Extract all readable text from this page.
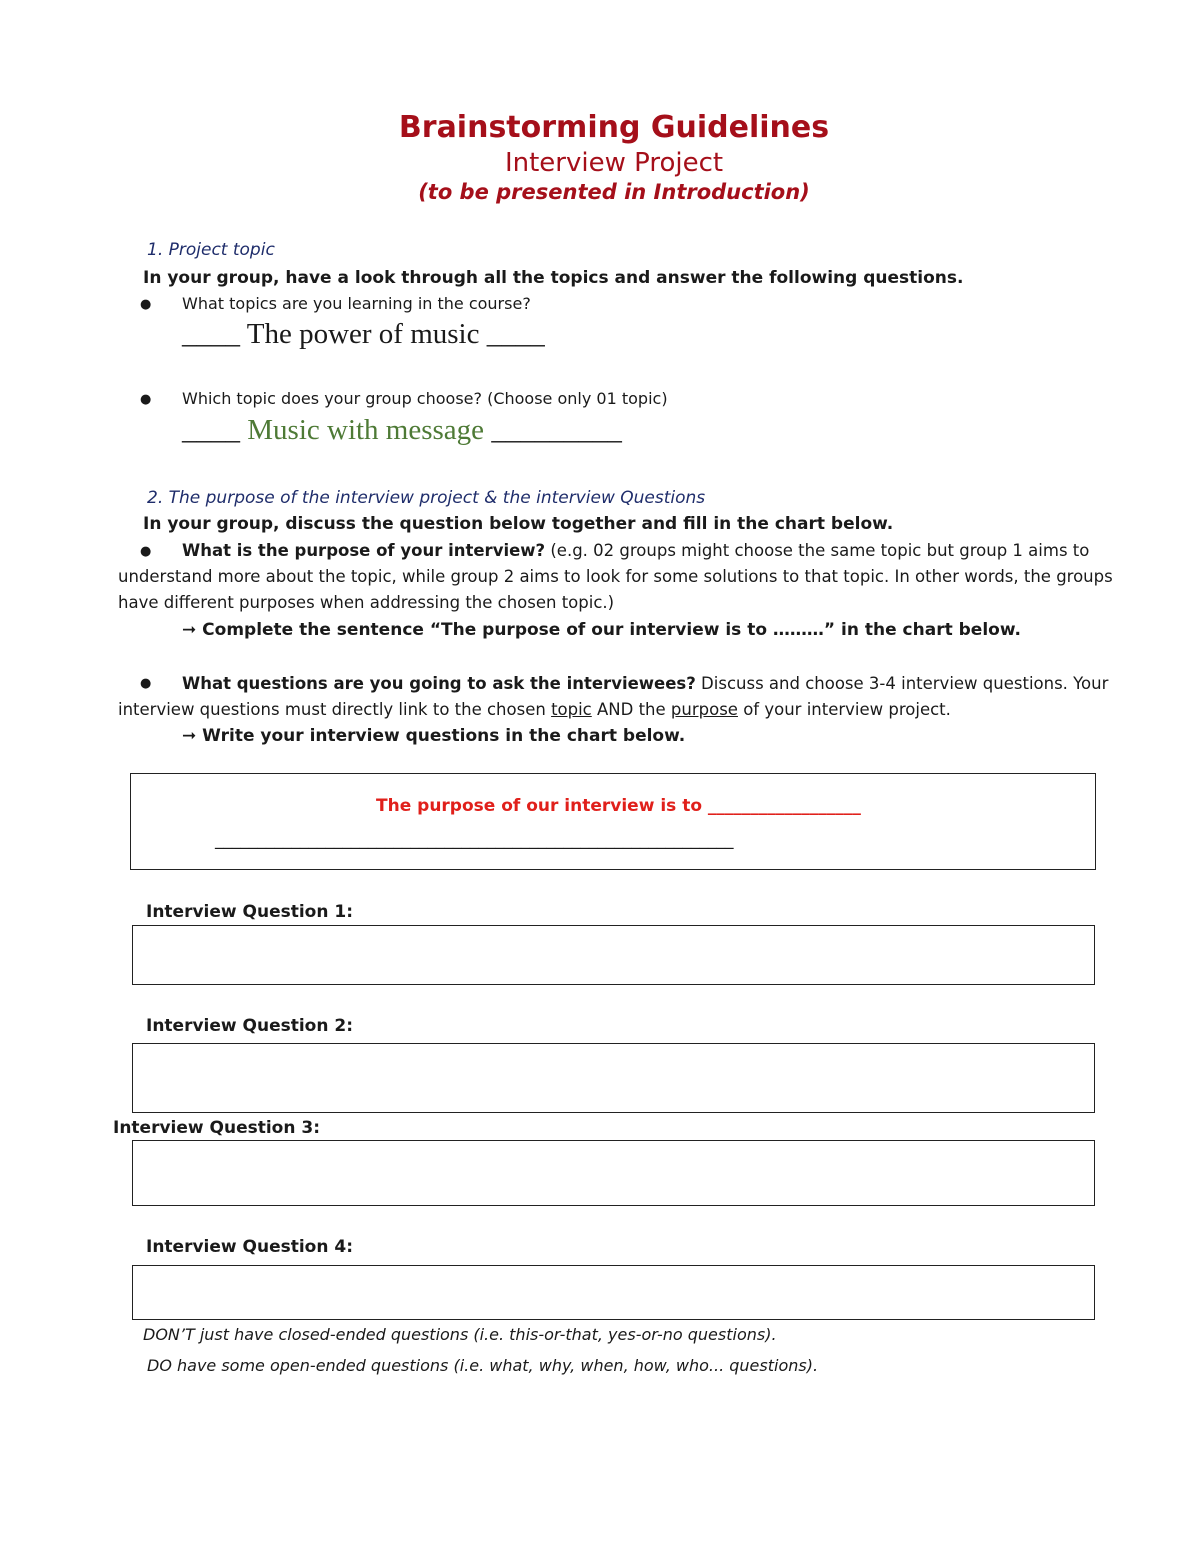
Brainstorming Guidelines
Interview Project
(to be presented in Introduction)
1. Project topic
In your group, have a look through all the topics and answer the following questions.
● What topics are you learning in the course?
____ The power of music ____
● Which topic does your group choose? (Choose only 01 topic)
____ Music with message _________
2. The purpose of the interview project & the interview Questions
In your group, discuss the question below together and fill in the chart below.
●	What is the purpose of your interview? (e.g. 02 groups might choose the same topic but group 1 aims to understand more about the topic, while group 2 aims to look for some solutions to that topic. In other words, the groups have different purposes when addressing the chosen topic.)
➞ Complete the sentence “The purpose of our interview is to ………” in the chart below.
●	What questions are you going to ask the interviewees? Discuss and choose 3-4 interview questions. Your interview questions must directly link to the chosen topic AND the purpose of your interview project.
➞ Write your interview questions in the chart below.
The purpose of our interview is to __________________
_____________________________________________________________
Interview Question 1:
Interview Question 2:
Interview Question 3:
Interview Question 4:
DON’T just have closed-ended questions (i.e. this-or-that, yes-or-no questions).
DO have some open-ended questions (i.e. what, why, when, how, who... questions).
